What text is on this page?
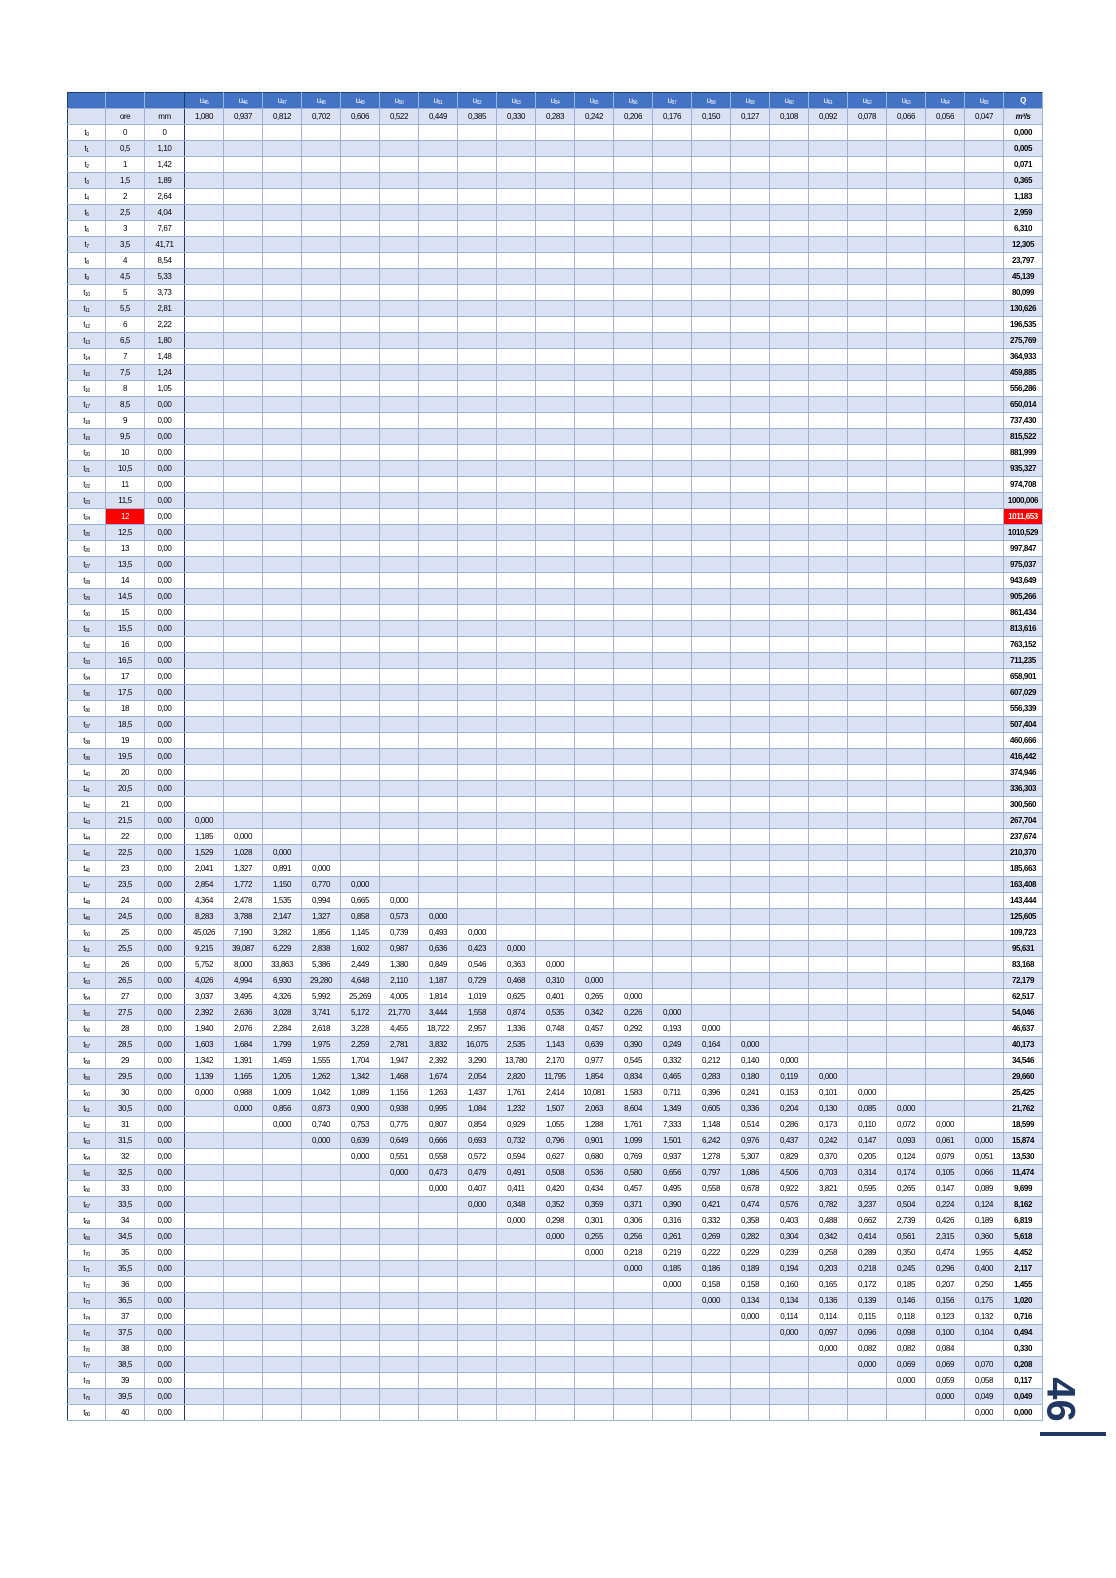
			$u_{45}$	$u_{46}$	$u_{47}$	$u_{48}$	$u_{49}$	$u_{50}$	$u_{51}$	$u_{52}$	$u_{53}$	$u_{54}$	$u_{55}$	$u_{56}$	$u_{57}$	$u_{58}$	$u_{59}$	$u_{60}$	$u_{61}$	$u_{62}$	$u_{63}$	$u_{64}$	$u_{65}$	Q
	ore	mm	1,080	0,937	0,812	0,702	0,606	0,522	0,449	0,385	0,330	0,283	0,242	0,206	0,176	0,150	0,127	0,108	0,092	0,078	0,066	0,056	0,047	m³/s
$t_0$	0	0																						0,000
$t_1$	0,5	1,10																						0,005
$t_2$	1	1,42																						0,071
$t_3$	1,5	1,89																						0,365
$t_4$	2	2,64																						1,183
$t_5$	2,5	4,04																						2,959
$t_6$	3	7,67																						6,310
$t_7$	3,5	41,71																						12,305
$t_8$	4	8,54																						23,797
$t_9$	4,5	5,33																						45,139
$t_{10}$	5	3,73																						80,099
$t_{11}$	5,5	2,81																						130,626
$t_{12}$	6	2,22																						196,535
$t_{13}$	6,5	1,80																						275,769
$t_{14}$	7	1,48																						364,933
$t_{15}$	7,5	1,24																						459,885
$t_{16}$	8	1,05																						556,286
$t_{17}$	8,5	0,00																						650,014
$t_{18}$	9	0,00																						737,430
$t_{19}$	9,5	0,00																						815,522
$t_{20}$	10	0,00																						881,999
$t_{21}$	10,5	0,00																						935,327
$t_{22}$	11	0,00																						974,708
$t_{23}$	11,5	0,00																						1000,006
$t_{24}$	12	0,00																						1011,653
$t_{25}$	12,5	0,00																						1010,529
$t_{26}$	13	0,00																						997,847
$t_{27}$	13,5	0,00																						975,037
$t_{28}$	14	0,00																						943,649
$t_{29}$	14,5	0,00																						905,266
$t_{30}$	15	0,00																						861,434
$t_{31}$	15,5	0,00																						813,616
$t_{32}$	16	0,00																						763,152
$t_{33}$	16,5	0,00																						711,235
$t_{34}$	17	0,00																						658,901
$t_{35}$	17,5	0,00																						607,029
$t_{36}$	18	0,00																						556,339
$t_{37}$	18,5	0,00																						507,404
$t_{38}$	19	0,00																						460,666
$t_{39}$	19,5	0,00																						416,442
$t_{40}$	20	0,00																						374,946
$t_{41}$	20,5	0,00																						336,303
$t_{42}$	21	0,00																						300,560
$t_{43}$	21,5	0,00	0,000																					267,704
$t_{44}$	22	0,00	1,185	0,000																				237,674
$t_{45}$	22,5	0,00	1,529	1,028	0,000																			210,370
$t_{46}$	23	0,00	2,041	1,327	0,891	0,000																		185,663
$t_{47}$	23,5	0,00	2,854	1,772	1,150	0,770	0,000																	163,408
$t_{48}$	24	0,00	4,364	2,478	1,535	0,994	0,665	0,000																143,444
$t_{49}$	24,5	0,00	8,283	3,788	2,147	1,327	0,858	0,573	0,000															125,605
$t_{50}$	25	0,00	45,026	7,190	3,282	1,856	1,145	0,739	0,493	0,000														109,723
$t_{51}$	25,5	0,00	9,215	39,087	6,229	2,838	1,602	0,987	0,636	0,423	0,000													95,631
$t_{52}$	26	0,00	5,752	8,000	33,863	5,386	2,449	1,380	0,849	0,546	0,363	0,000												83,168
$t_{53}$	26,5	0,00	4,026	4,994	6,930	29,280	4,648	2,110	1,187	0,729	0,468	0,310	0,000											72,179
$t_{54}$	27	0,00	3,037	3,495	4,326	5,992	25,269	4,005	1,814	1,019	0,625	0,401	0,265	0,000										62,517
$t_{55}$	27,5	0,00	2,392	2,636	3,028	3,741	5,172	21,770	3,444	1,558	0,874	0,535	0,342	0,226	0,000									54,046
$t_{56}$	28	0,00	1,940	2,076	2,284	2,618	3,228	4,455	18,722	2,957	1,336	0,748	0,457	0,292	0,193	0,000								46,637
$t_{57}$	28,5	0,00	1,603	1,684	1,799	1,975	2,259	2,781	3,832	16,075	2,535	1,143	0,639	0,390	0,249	0,164	0,000							40,173
$t_{58}$	29	0,00	1,342	1,391	1,459	1,555	1,704	1,947	2,392	3,290	13,780	2,170	0,977	0,545	0,332	0,212	0,140	0,000						34,546
$t_{59}$	29,5	0,00	1,139	1,165	1,205	1,262	1,342	1,468	1,674	2,054	2,820	11,795	1,854	0,834	0,465	0,283	0,180	0,119	0,000					29,660
$t_{60}$	30	0,00	0,000	0,988	1,009	1,042	1,089	1,156	1,263	1,437	1,761	2,414	10,081	1,583	0,711	0,396	0,241	0,153	0,101	0,000				25,425
$t_{61}$	30,5	0,00		0,000	0,856	0,873	0,900	0,938	0,995	1,084	1,232	1,507	2,063	8,604	1,349	0,605	0,336	0,204	0,130	0,085	0,000			21,762
$t_{62}$	31	0,00			0,000	0,740	0,753	0,775	0,807	0,854	0,929	1,055	1,288	1,761	7,333	1,148	0,514	0,286	0,173	0,110	0,072	0,000		18,599
$t_{63}$	31,5	0,00				0,000	0,639	0,649	0,666	0,693	0,732	0,796	0,901	1,099	1,501	6,242	0,976	0,437	0,242	0,147	0,093	0,061	0,000	15,874
$t_{64}$	32	0,00					0,000	0,551	0,558	0,572	0,594	0,627	0,680	0,769	0,937	1,278	5,307	0,829	0,370	0,205	0,124	0,079	0,051	13,530
$t_{65}$	32,5	0,00						0,000	0,473	0,479	0,491	0,508	0,536	0,580	0,656	0,797	1,086	4,506	0,703	0,314	0,174	0,105	0,066	11,474
$t_{66}$	33	0,00							0,000	0,407	0,411	0,420	0,434	0,457	0,495	0,558	0,678	0,922	3,821	0,595	0,265	0,147	0,089	9,699
$t_{67}$	33,5	0,00								0,000	0,348	0,352	0,359	0,371	0,390	0,421	0,474	0,576	0,782	3,237	0,504	0,224	0,124	8,162
$t_{68}$	34	0,00									0,000	0,298	0,301	0,306	0,316	0,332	0,358	0,403	0,488	0,662	2,739	0,426	0,189	6,819
$t_{69}$	34,5	0,00										0,000	0,255	0,256	0,261	0,269	0,282	0,304	0,342	0,414	0,561	2,315	0,360	5,618
$t_{70}$	35	0,00											0,000	0,218	0,219	0,222	0,229	0,239	0,258	0,289	0,350	0,474	1,955	4,452
$t_{71}$	35,5	0,00												0,000	0,185	0,186	0,189	0,194	0,203	0,218	0,245	0,296	0,400	2,117
$t_{72}$	36	0,00													0,000	0,158	0,158	0,160	0,165	0,172	0,185	0,207	0,250	1,455
$t_{73}$	36,5	0,00														0,000	0,134	0,134	0,136	0,139	0,146	0,156	0,175	1,020
$t_{74}$	37	0,00															0,000	0,114	0,114	0,115	0,118	0,123	0,132	0,716
$t_{75}$	37,5	0,00																0,000	0,097	0,096	0,098	0,100	0,104	0,494
$t_{76}$	38	0,00																	0,000	0,082	0,082	0,084		0,330
$t_{77}$	38,5	0,00																		0,000	0,069	0,069	0,070	0,208
$t_{78}$	39	0,00																			0,000	0,059	0,058	0,117
$t_{79}$	39,5	0,00																				0,000	0,049	0,049
$t_{80}$	40	0,00																					0,000	0,000 46
